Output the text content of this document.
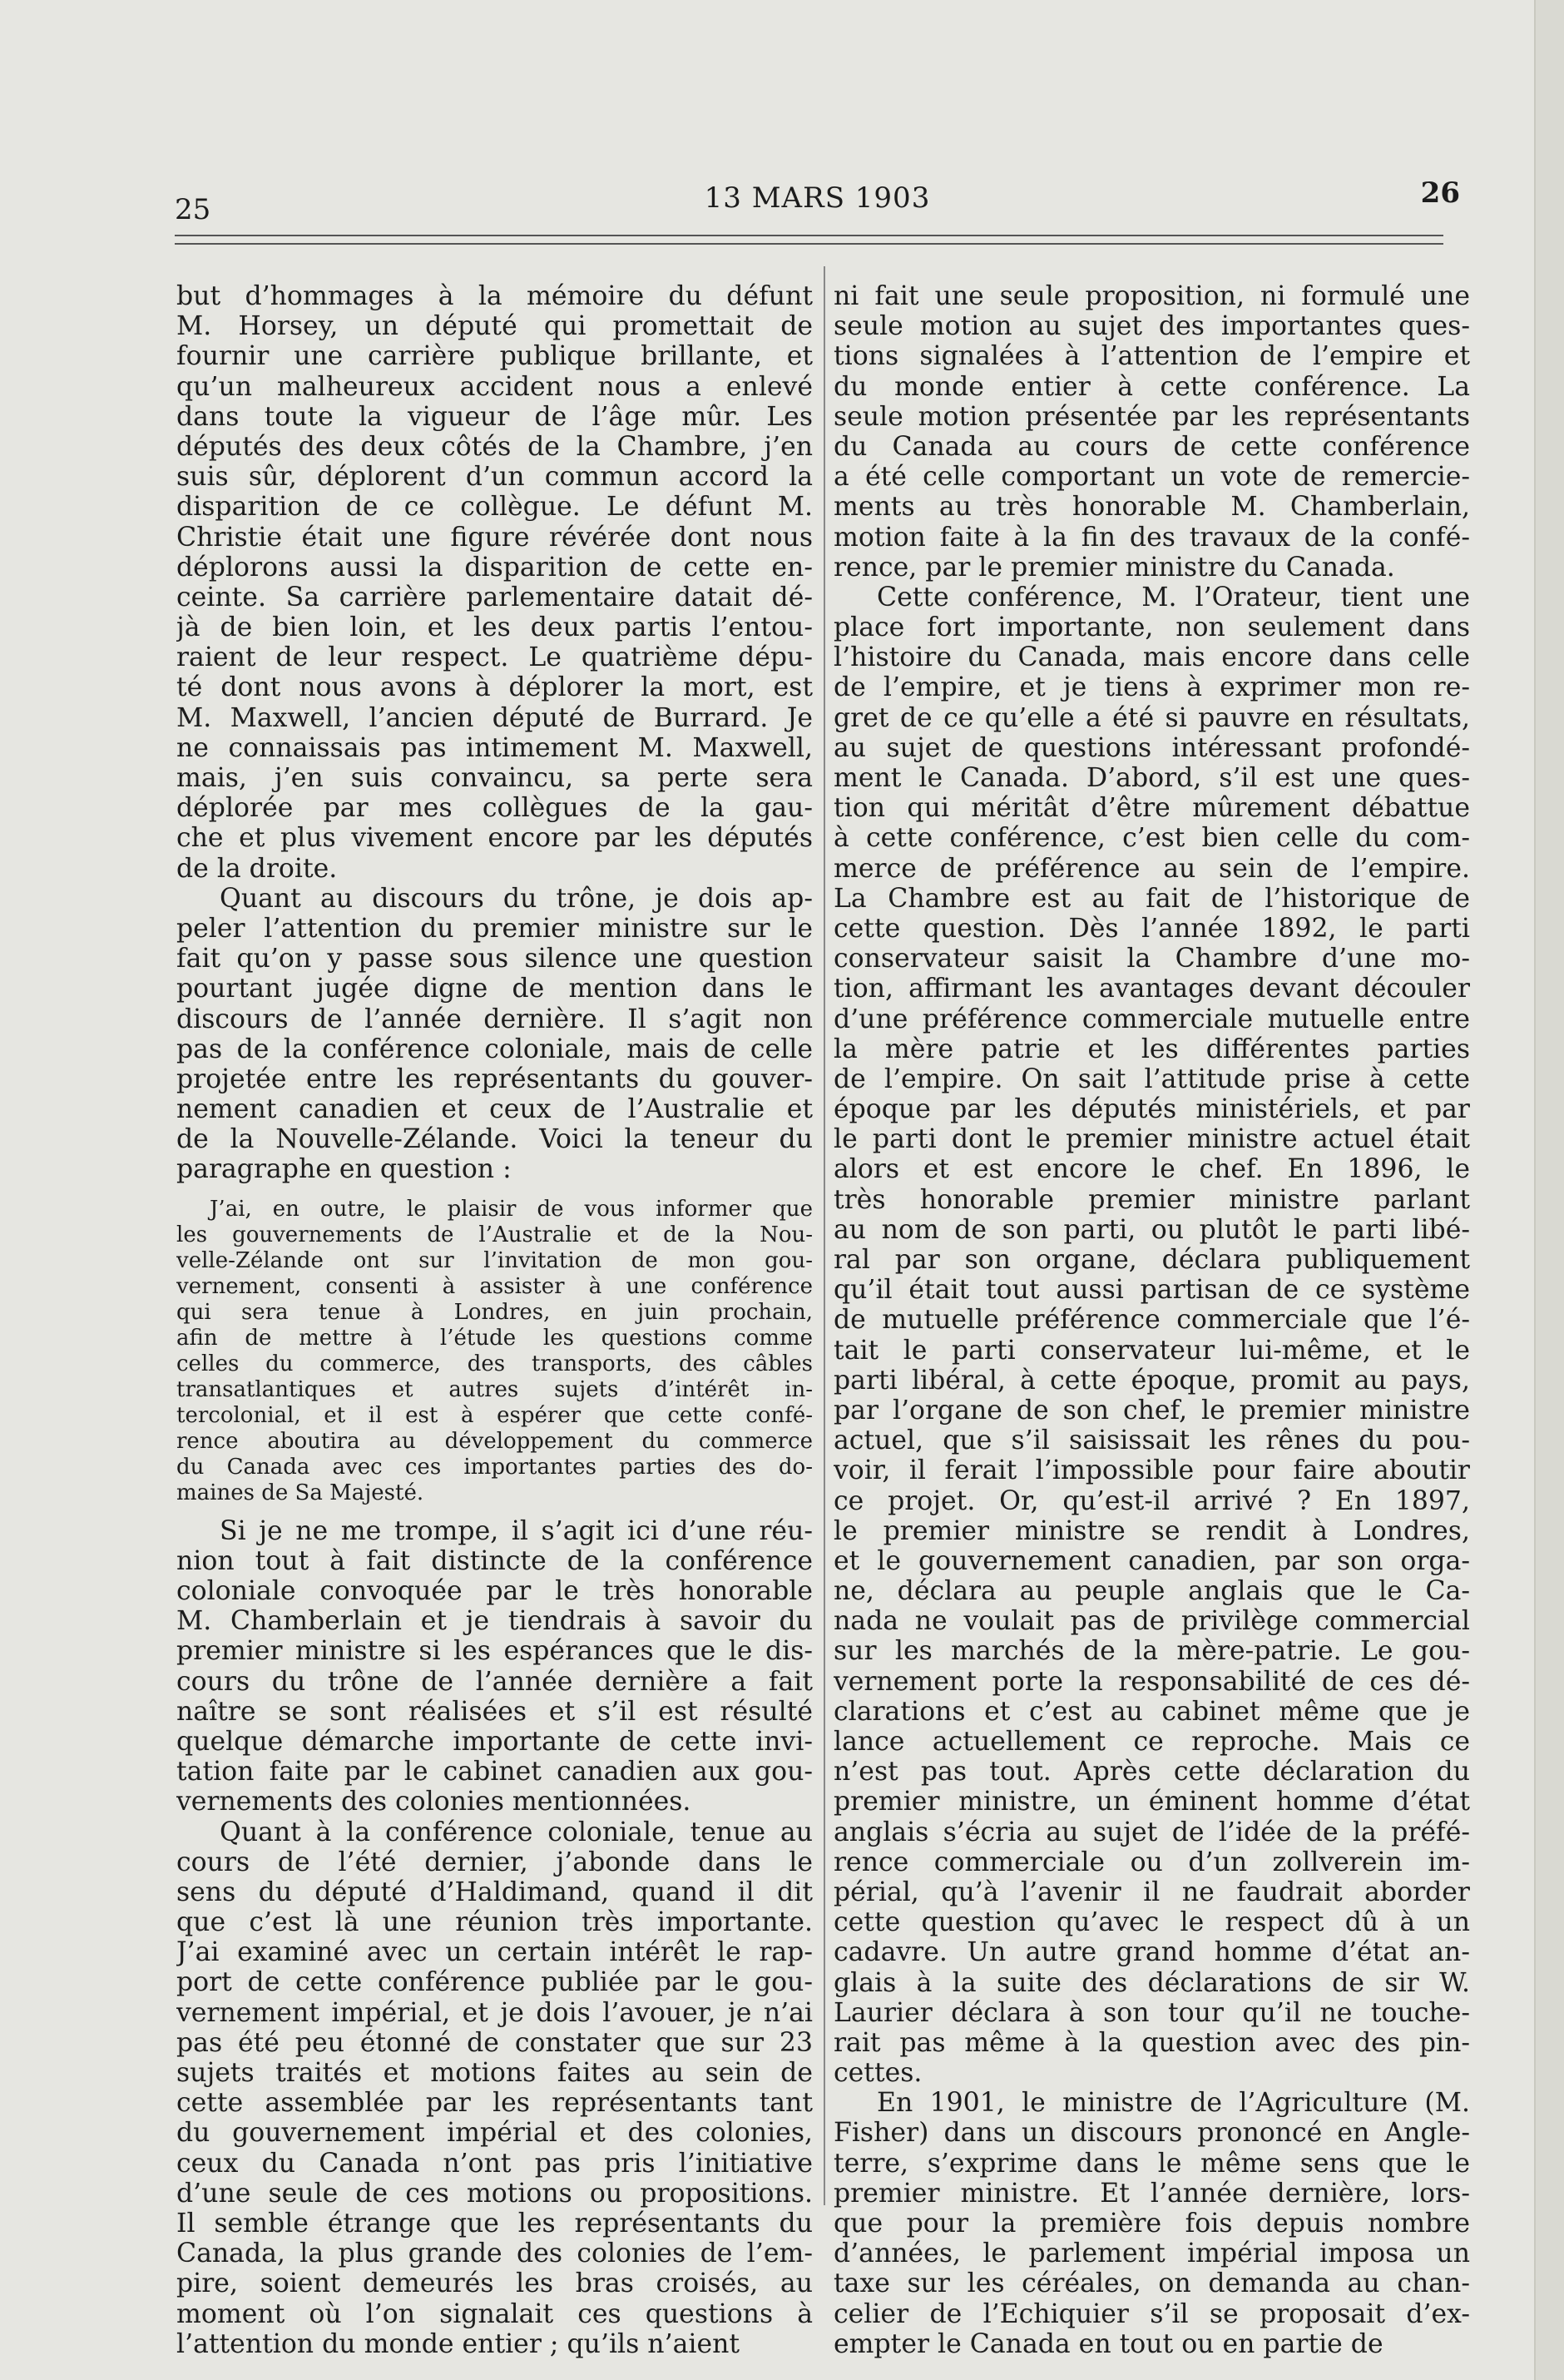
25	13 MARS 1903	26
but d’hommages à la mémoire du défunt
M. Horsey, un député qui promettait de
fournir une carrière publique brillante, et
qu’un malheureux accident nous a enlevé
dans toute la vigueur de l’âge mûr. Les
députés des deux côtés de la Chambre, j’en
suis sûr, déplorent d’un commun accord la
disparition de ce collègue. Le défunt M.
Christie était une figure révérée dont nous
déplorons aussi la disparition de cette en-
ceinte. Sa carrière parlementaire datait dé-
jà de bien loin, et les deux partis l’entou-
raient de leur respect. Le quatrième dépu-
té dont nous avons à déplorer la mort, est
M. Maxwell, l’ancien député de Burrard. Je
ne connaissais pas intimement M. Maxwell,
mais, j’en suis convaincu, sa perte sera
déplorée par mes collègues de la gau-
che et plus vivement encore par les députés
de la droite.
Quant au discours du trône, je dois ap-
peler l’attention du premier ministre sur le
fait qu’on y passe sous silence une question
pourtant jugée digne de mention dans le
discours de l’année dernière. Il s’agit non
pas de la conférence coloniale, mais de celle
projetée entre les représentants du gouver-
nement canadien et ceux de l’Australie et
de la Nouvelle-Zélande. Voici la teneur du
paragraphe en question :
J’ai, en outre, le plaisir de vous informer que
les gouvernements de l’Australie et de la Nou-
velle-Zélande ont sur l’invitation de mon gou-
vernement, consenti à assister à une conférence
qui sera tenue à Londres, en juin prochain,
afin de mettre à l’étude les questions comme
celles du commerce, des transports, des câbles
transatlantiques et autres sujets d’intérêt in-
tercolonial, et il est à espérer que cette confé-
rence aboutira au développement du commerce
du Canada avec ces importantes parties des do-
maines de Sa Majesté.
Si je ne me trompe, il s’agit ici d’une réu-
nion tout à fait distincte de la conférence
coloniale convoquée par le très honorable
M. Chamberlain et je tiendrais à savoir du
premier ministre si les espérances que le dis-
cours du trône de l’année dernière a fait
naître se sont réalisées et s’il est résulté
quelque démarche importante de cette invi-
tation faite par le cabinet canadien aux gou-
vernements des colonies mentionnées.
Quant à la conférence coloniale, tenue au
cours de l’été dernier, j’abonde dans le
sens du député d’Haldimand, quand il dit
que c’est là une réunion très importante.
J’ai examiné avec un certain intérêt le rap-
port de cette conférence publiée par le gou-
vernement impérial, et je dois l’avouer, je n’ai
pas été peu étonné de constater que sur 23
sujets traités et motions faites au sein de
cette assemblée par les représentants tant
du gouvernement impérial et des colonies,
ceux du Canada n’ont pas pris l’initiative
d’une seule de ces motions ou propositions.
Il semble étrange que les représentants du
Canada, la plus grande des colonies de l’em-
pire, soient demeurés les bras croisés, au
moment où l’on signalait ces questions à
l’attention du monde entier ; qu’ils n’aient
ni fait une seule proposition, ni formulé une
seule motion au sujet des importantes ques-
tions signalées à l’attention de l’empire et
du monde entier à cette conférence. La
seule motion présentée par les représentants
du Canada au cours de cette conférence
a été celle comportant un vote de remercie-
ments au très honorable M. Chamberlain,
motion faite à la fin des travaux de la confé-
rence, par le premier ministre du Canada.
Cette conférence, M. l’Orateur, tient une
place fort importante, non seulement dans
l’histoire du Canada, mais encore dans celle
de l’empire, et je tiens à exprimer mon re-
gret de ce qu’elle a été si pauvre en résultats,
au sujet de questions intéressant profondé-
ment le Canada. D’abord, s’il est une ques-
tion qui méritât d’être mûrement débattue
à cette conférence, c’est bien celle du com-
merce de préférence au sein de l’empire.
La Chambre est au fait de l’historique de
cette question. Dès l’année 1892, le parti
conservateur saisit la Chambre d’une mo-
tion, affirmant les avantages devant découler
d’une préférence commerciale mutuelle entre
la mère patrie et les différentes parties
de l’empire. On sait l’attitude prise à cette
époque par les députés ministériels, et par
le parti dont le premier ministre actuel était
alors et est encore le chef. En 1896, le
très honorable premier ministre parlant
au nom de son parti, ou plutôt le parti libé-
ral par son organe, déclara publiquement
qu’il était tout aussi partisan de ce système
de mutuelle préférence commerciale que l’é-
tait le parti conservateur lui-même, et le
parti libéral, à cette époque, promit au pays,
par l’organe de son chef, le premier ministre
actuel, que s’il saisissait les rênes du pou-
voir, il ferait l’impossible pour faire aboutir
ce projet. Or, qu’est-il arrivé ? En 1897,
le premier ministre se rendit à Londres,
et le gouvernement canadien, par son orga-
ne, déclara au peuple anglais que le Ca-
nada ne voulait pas de privilège commercial
sur les marchés de la mère-patrie. Le gou-
vernement porte la responsabilité de ces dé-
clarations et c’est au cabinet même que je
lance actuellement ce reproche. Mais ce
n’est pas tout. Après cette déclaration du
premier ministre, un éminent homme d’état
anglais s’écria au sujet de l’idée de la préfé-
rence commerciale ou d’un zollverein im-
périal, qu’à l’avenir il ne faudrait aborder
cette question qu’avec le respect dû à un
cadavre. Un autre grand homme d’état an-
glais à la suite des déclarations de sir W.
Laurier déclara à son tour qu’il ne touche-
rait pas même à la question avec des pin-
cettes.
En 1901, le ministre de l’Agriculture (M.
Fisher) dans un discours prononcé en Angle-
terre, s’exprime dans le même sens que le
premier ministre. Et l’année dernière, lors-
que pour la première fois depuis nombre
d’années, le parlement impérial imposa un
taxe sur les céréales, on demanda au chan-
celier de l’Echiquier s’il se proposait d’ex-
empter le Canada en tout ou en partie de
